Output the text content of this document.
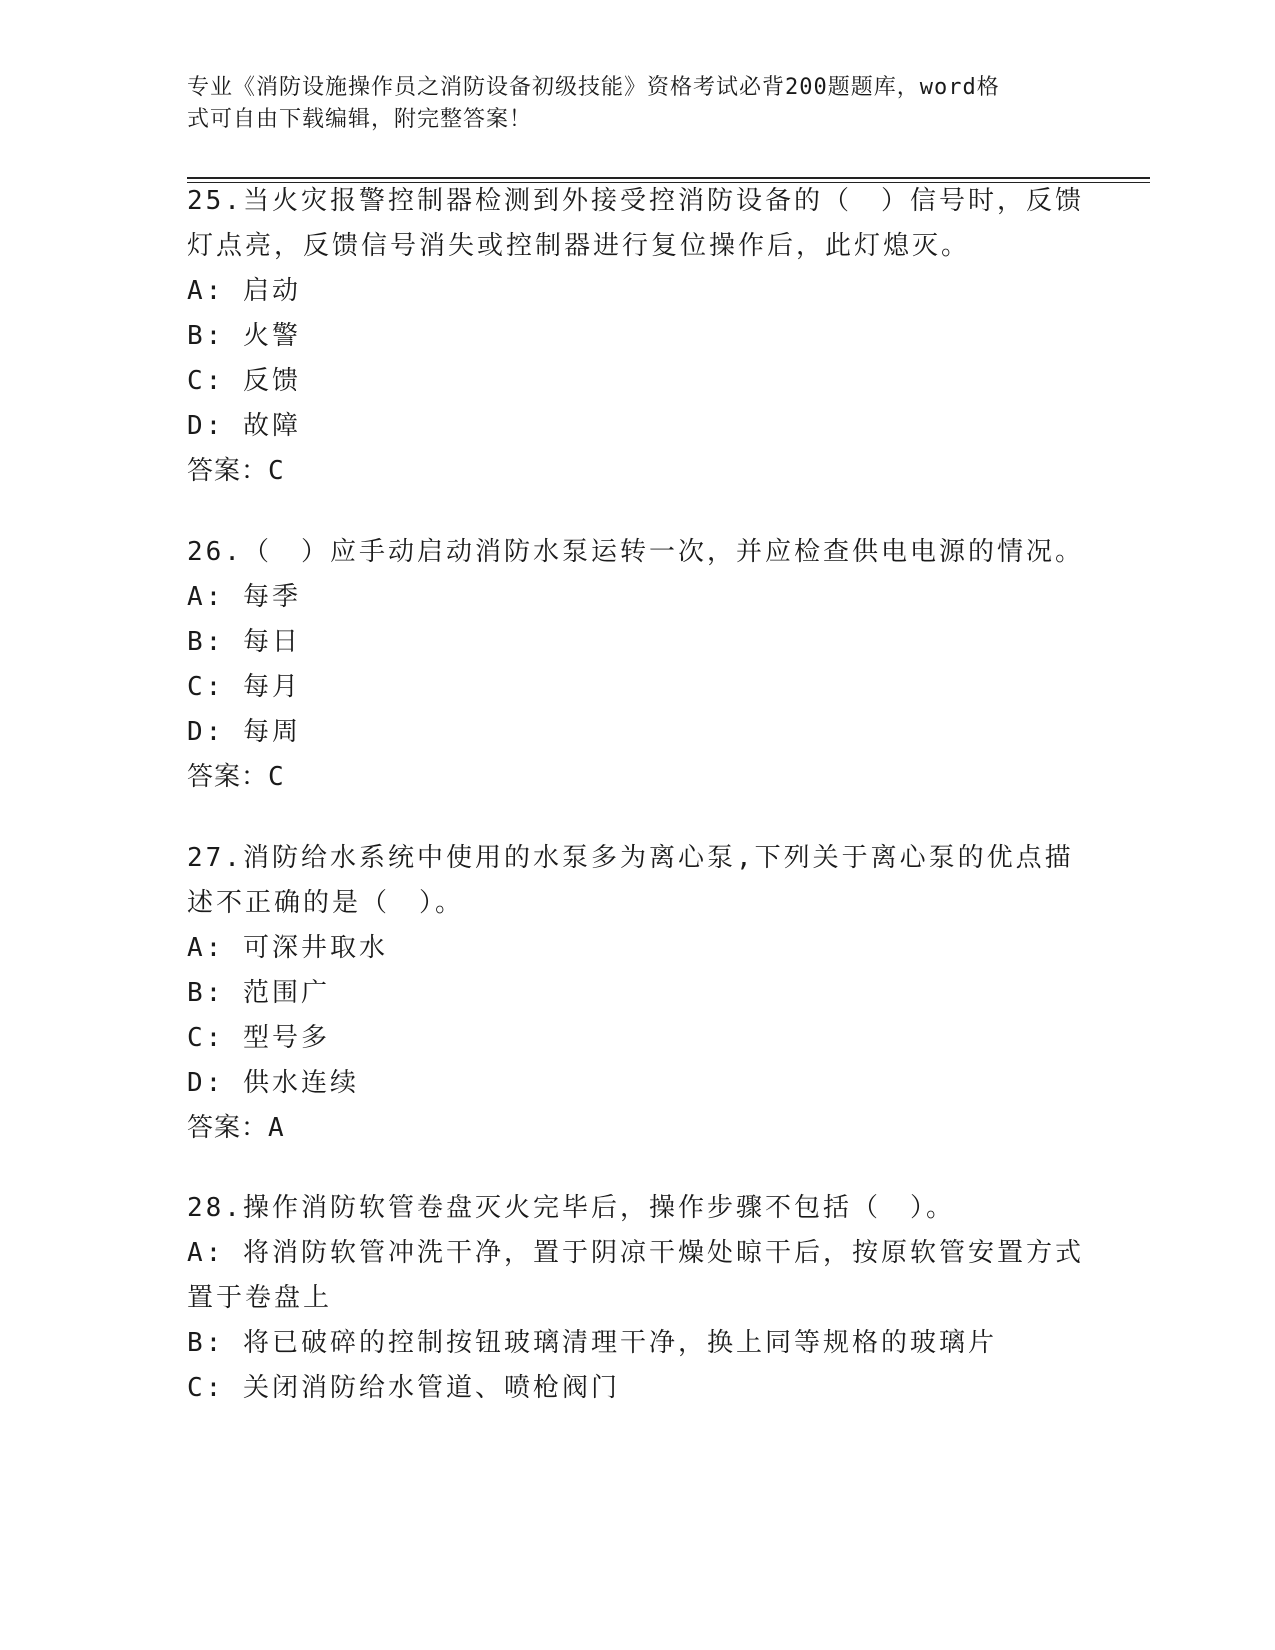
专业《消防设施操作员之消防设备初级技能》资格考试必背200题题库，word格
式可自由下载编辑，附完整答案！
25.当火灾报警控制器检测到外接受控消防设备的（　）信号时，反馈
灯点亮，反馈信号消失或控制器进行复位操作后，此灯熄灭。
A: 启动
B: 火警
C: 反馈
D: 故障
答案：C
26.（　）应手动启动消防水泵运转一次，并应检查供电电源的情况。
A: 每季
B: 每日
C: 每月
D: 每周
答案：C
27.消防给水系统中使用的水泵多为离心泵,下列关于离心泵的优点描
述不正确的是（　）。
A: 可深井取水
B: 范围广
C: 型号多
D: 供水连续
答案：A
28.操作消防软管卷盘灭火完毕后，操作步骤不包括（　）。
A: 将消防软管冲洗干净，置于阴凉干燥处晾干后，按原软管安置方式
置于卷盘上
B: 将已破碎的控制按钮玻璃清理干净，换上同等规格的玻璃片
C: 关闭消防给水管道、喷枪阀门
